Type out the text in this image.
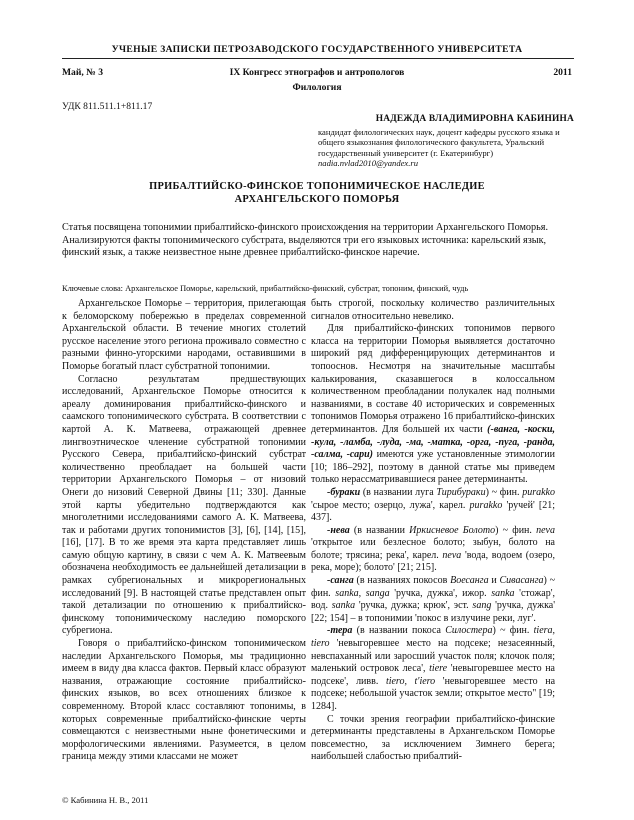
УЧЕНЫЕ ЗАПИСКИ ПЕТРОЗАВОДСКОГО ГОСУДАРСТВЕННОГО УНИВЕРСИТЕТА
Май, № 3	IX Конгресс этнографов и антропологов	2011
Филология
УДК 811.511.1+811.17
НАДЕЖДА ВЛАДИМИРОВНА КАБИНИНА
кандидат филологических наук, доцент кафедры русского языка и общего языкознания филологического факультета, Уральский государственный университет (г. Екатеринбург)
nadia.nvlad2010@yandex.ru
ПРИБАЛТИЙСКО-ФИНСКОЕ ТОПОНИМИЧЕСКОЕ НАСЛЕДИЕ
АРХАНГЕЛЬСКОГО ПОМОРЬЯ
Статья посвящена топонимии прибалтийско-финского происхождения на территории Архангельского Поморья. Анализируются факты топонимического субстрата, выделяются три его языковых источника: карельский язык, финский язык, а также неизвестное ныне древнее прибалтийско-финское наречие.
Ключевые слова: Архангельское Поморье, карельский, прибалтийско-финский, субстрат, топоним, финский, чудь

Архангельское Поморье – территория, прилегающая к беломорскому побережью в пределах современной Архангельской области. В течение многих столетий русское население этого региона проживало совместно с разными финно-угорскими народами, оставившими в Поморье богатый пласт субстратной топонимии.

Согласно результатам предшествующих исследований, Архангельское Поморье относится к ареалу доминирования прибалтийско-финского и саамского топонимического субстрата. В соответствии с картой А. К. Матвеева, отражающей древнее лингвоэтническое членение субстратной топонимии Русского Севера, прибалтийско-финский субстрат количественно преобладает на большей части территории Архангельского Поморья – от низовий Онеги до низовий Северной Двины [11; 330]. Данные этой карты убедительно подтверждаются как многолетними исследованиями самого А. К. Матвеева, так и работами других топонимистов [3], [6], [14], [15], [16], [17]. В то же время эта карта представляет лишь самую общую картину, в связи с чем А. К. Матвеевым обозначена необходимость ее дальнейшей детализации в рамках субрегиональных и микрорегиональных исследований [9]. В настоящей статье представлен опыт такой детализации по отношению к прибалтийско-финскому топонимическому наследию поморского субрегиона.

Говоря о прибалтийско-финском топонимическом наследии Архангельского Поморья, мы традиционно имеем в виду два класса фактов. Первый класс образуют названия, отражающие состояние прибалтийско-финских языков, во всех отношениях близкое к современному. Второй класс составляют топонимы, в которых современные прибалтийско-финские черты совмещаются с неизвестными ныне фонетическими и морфологическими явлениями. Разумеется, в целом граница между этими классами не может

быть строгой, поскольку количество различительных сигналов относительно невелико.

Для прибалтийско-финских топонимов первого класса на территории Поморья выявляется достаточно широкий ряд дифференцирующих детерминантов и топооснов. Несмотря на значительные масштабы калькирования, сказавшегося в колоссальном количественном преобладании полукалек над полными названиями, в составе 40 исторических и современных топонимов Поморья отражено 16 прибалтийско-финских детерминантов. Для большей их части (-ванга, -коски, -кула, -ламба, -луда, -ма, -матка, -орга, -пуга, -ранда, -салма, -сари) имеются уже установленные этимологии [10; 186–292], поэтому в данной статье мы приведем только нерассматривавшиеся ранее детерминанты.

-бураки (в названии луга Тирибураки) ~ фин. purakko 'сырое место; озерцо, лужа', карел. purakko 'ручей' [21; 437].

-нева (в названии Иркисневое Болото) ~ фин. neva 'открытое или безлесное болото; зыбун, болото на болоте; трясина; река', карел. neva 'вода, водоем (озеро, река, море); болото' [21; 215].

-санга (в названиях покосов Воесанга и Сивасанга) ~ фин. sanka, sanga 'ручка, дужка', ижор. sanka 'стожар', вод. sanka 'ручка, дужка; крюк', эст. sang 'ручка, дужка' [22; 154] – в топонимии 'покос в излучине реки, луг'.

-тера (в названии покоса Силостера) ~ фин. tiera, tiero 'невыгоревшее место на подсеке; незасеянный, невспаханный или заросший участок поля; клочок поля; маленький островок леса', tiere 'невыгоревшее место на подсеке', ливв. tiero, t'iero 'невыгоревшее место на подсеке; небольшой участок земли; открытое место" [19; 1284].

С точки зрения географии прибалтийско-финские детерминанты представлены в Архангельском Поморье повсеместно, за исключением Зимнего берега; наибольшей слабостью прибалтий-

© Кабинина Н. В., 2011
